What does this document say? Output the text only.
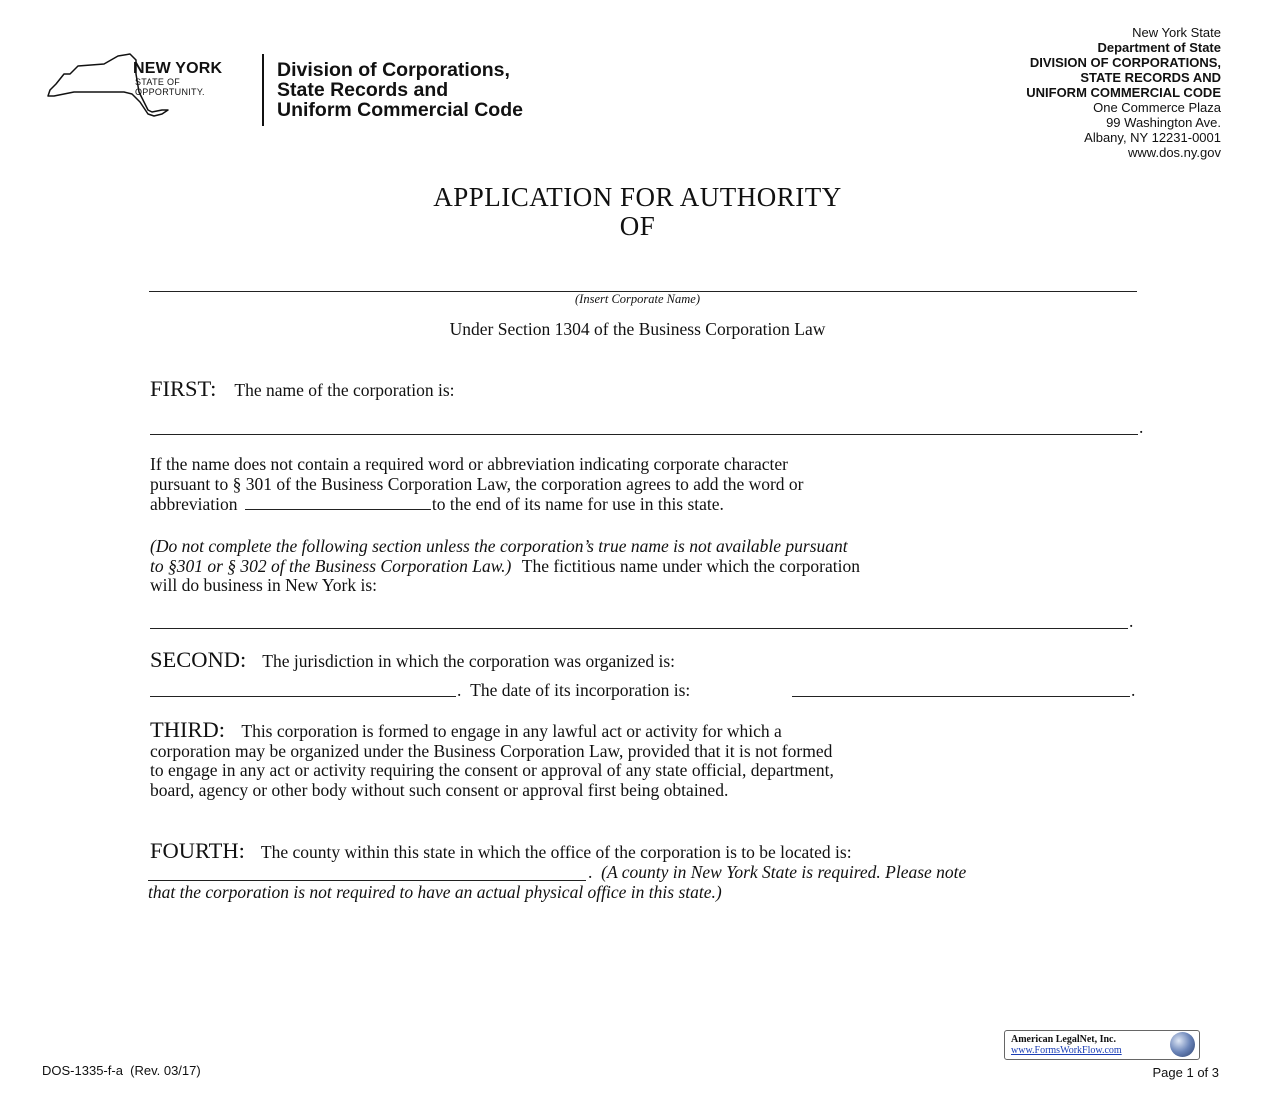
NEW YORK
STATE OF
OPPORTUNITY.
Division of Corporations,
State Records and
Uniform Commercial Code
New York State
Department of State
DIVISION OF CORPORATIONS,
STATE RECORDS AND
UNIFORM COMMERCIAL CODE
One Commerce Plaza
99 Washington Ave.
Albany, NY 12231-0001
www.dos.ny.gov
APPLICATION FOR AUTHORITY
OF
(Insert Corporate Name)
Under Section 1304 of the Business Corporation Law
FIRST: The name of the corporation is:
.
If the name does not contain a required word or abbreviation indicating corporate character
pursuant to § 301 of the Business Corporation Law, the corporation agrees to add the word or
abbreviation	to the end of its name for use in this state.
(Do not complete the following section unless the corporation’s true name is not available pursuant
to §301 or § 302 of the Business Corporation Law.) The fictitious name under which the corporation
will do business in New York is:
.
SECOND: The jurisdiction in which the corporation was organized is:
.  The date of its incorporation is:	.
THIRD: This corporation is formed to engage in any lawful act or activity for which a
corporation may be organized under the Business Corporation Law, provided that it is not formed
to engage in any act or activity requiring the consent or approval of any state official, department,
board, agency or other body without such consent or approval first being obtained.
FOURTH: The county within this state in which the office of the corporation is to be located is:
.  (A county in New York State is required. Please note
that the corporation is not required to have an actual physical office in this state.)
American LegalNet, Inc.
www.FormsWorkFlow.com
DOS-1335-f-a  (Rev. 03/17)	Page 1 of 3
